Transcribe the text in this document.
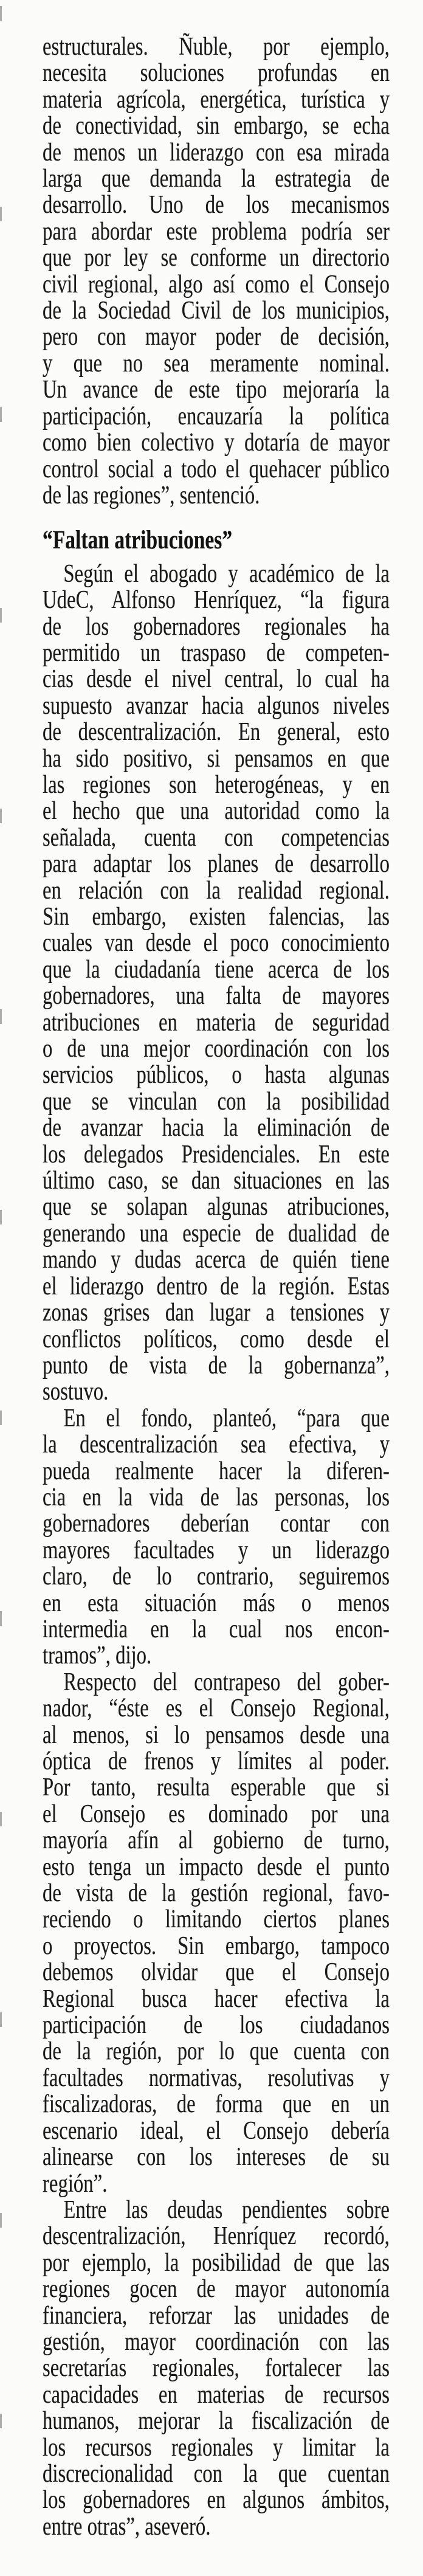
estructurales. Ñuble, por ejemplo,
necesita soluciones profundas en
materia agrícola, energética, turística y
de conectividad, sin embargo, se echa
de menos un liderazgo con esa mirada
larga que demanda la estrategia de
desarrollo. Uno de los mecanismos
para abordar este problema podría ser
que por ley se conforme un directorio
civil regional, algo así como el Consejo
de la Sociedad Civil de los municipios,
pero con mayor poder de decisión,
y que no sea meramente nominal.
Un avance de este tipo mejoraría la
participación, encauzaría la política
como bien colectivo y dotaría de mayor
control social a todo el quehacer público
de las regiones”, sentenció.
“Faltan atribuciones”
Según el abogado y académico de la
UdeC, Alfonso Henríquez, “la figura
de los gobernadores regionales ha
permitido un traspaso de competen-
cias desde el nivel central, lo cual ha
supuesto avanzar hacia algunos niveles
de descentralización. En general, esto
ha sido positivo, si pensamos en que
las regiones son heterogéneas, y en
el hecho que una autoridad como la
señalada, cuenta con competencias
para adaptar los planes de desarrollo
en relación con la realidad regional.
Sin embargo, existen falencias, las
cuales van desde el poco conocimiento
que la ciudadanía tiene acerca de los
gobernadores, una falta de mayores
atribuciones en materia de seguridad
o de una mejor coordinación con los
servicios públicos, o hasta algunas
que se vinculan con la posibilidad
de avanzar hacia la eliminación de
los delegados Presidenciales. En este
último caso, se dan situaciones en las
que se solapan algunas atribuciones,
generando una especie de dualidad de
mando y dudas acerca de quién tiene
el liderazgo dentro de la región. Estas
zonas grises dan lugar a tensiones y
conflictos políticos, como desde el
punto de vista de la gobernanza”,
sostuvo.
En el fondo, planteó, “para que
la descentralización sea efectiva, y
pueda realmente hacer la diferen-
cia en la vida de las personas, los
gobernadores deberían contar con
mayores facultades y un liderazgo
claro, de lo contrario, seguiremos
en esta situación más o menos
intermedia en la cual nos encon-
tramos”, dijo.
Respecto del contrapeso del gober-
nador, “éste es el Consejo Regional,
al menos, si lo pensamos desde una
óptica de frenos y límites al poder.
Por tanto, resulta esperable que si
el Consejo es dominado por una
mayoría afín al gobierno de turno,
esto tenga un impacto desde el punto
de vista de la gestión regional, favo-
reciendo o limitando ciertos planes
o proyectos. Sin embargo, tampoco
debemos olvidar que el Consejo
Regional busca hacer efectiva la
participación de los ciudadanos
de la región, por lo que cuenta con
facultades normativas, resolutivas y
fiscalizadoras, de forma que en un
escenario ideal, el Consejo debería
alinearse con los intereses de su
región”.
Entre las deudas pendientes sobre
descentralización, Henríquez recordó,
por ejemplo, la posibilidad de que las
regiones gocen de mayor autonomía
financiera, reforzar las unidades de
gestión, mayor coordinación con las
secretarías regionales, fortalecer las
capacidades en materias de recursos
humanos, mejorar la fiscalización de
los recursos regionales y limitar la
discrecionalidad con la que cuentan
los gobernadores en algunos ámbitos,
entre otras”, aseveró.
